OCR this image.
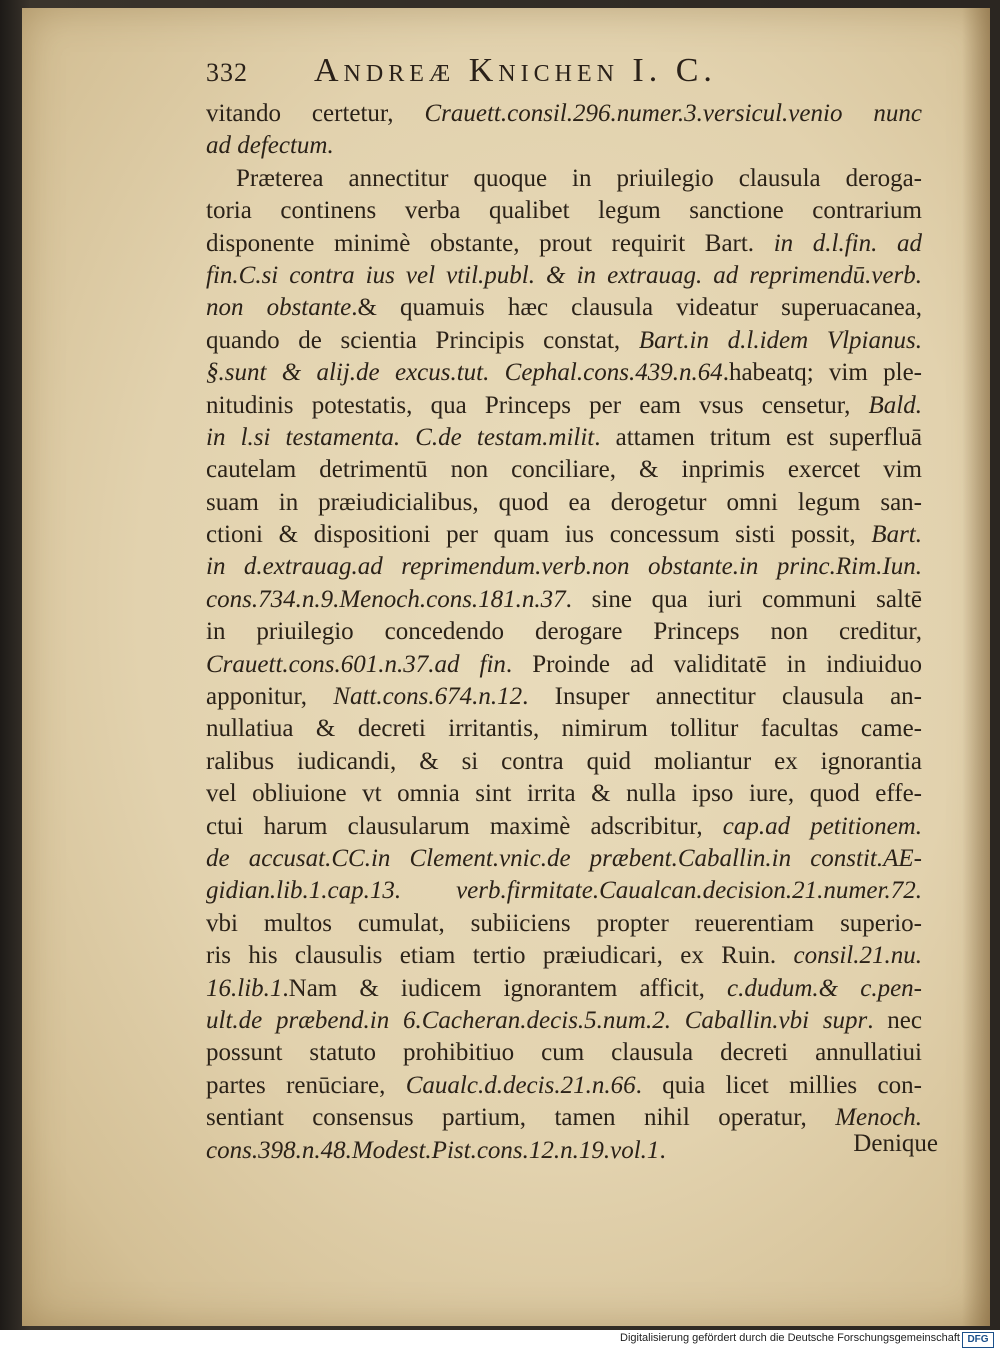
332 Andreæ Knichen I. C.
vitando certetur, Crauett.consil.296.numer.3.versicul.venio nunc
ad defectum.
Præterea annectitur quoque in priuilegio clausula deroga-
toria continens verba qualibet legum sanctione contrarium
disponente minimè obstante, prout requirit Bart. in d.l.fin. ad
fin.C.si contra ius vel vtil.publ. & in extrauag. ad reprimendū.verb.
non obstante.& quamuis hæc clausula videatur superuacanea,
quando de scientia Principis constat, Bart.in d.l.idem Vlpianus.
§.sunt & alij.de excus.tut. Cephal.cons.439.n.64.habeatq; vim ple-
nitudinis potestatis, qua Princeps per eam vsus censetur, Bald.
in l.si testamenta. C.de testam.milit. attamen tritum est superfluā
cautelam detrimentū non conciliare, & inprimis exercet vim
suam in præiudicialibus, quod ea derogetur omni legum san-
ctioni & dispositioni per quam ius concessum sisti possit, Bart.
in d.extrauag.ad reprimendum.verb.non obstante.in princ.Rim.Iun.
cons.734.n.9.Menoch.cons.181.n.37. sine qua iuri communi saltē
in priuilegio concedendo derogare Princeps non creditur,
Crauett.cons.601.n.37.ad fin. Proinde ad validitatē in indiuiduo
apponitur, Natt.cons.674.n.12. Insuper annectitur clausula an-
nullatiua & decreti irritantis, nimirum tollitur facultas came-
ralibus iudicandi, & si contra quid moliantur ex ignorantia
vel obliuione vt omnia sint irrita & nulla ipso iure, quod effe-
ctui harum clausularum maximè adscribitur, cap.ad petitionem.
de accusat.CC.in Clement.vnic.de præbent.Caballin.in constit.AE-
gidian.lib.1.cap.13. verb.firmitate.Caualcan.decision.21.numer.72.
vbi multos cumulat, subiiciens propter reuerentiam superio-
ris his clausulis etiam tertio præiudicari, ex Ruin. consil.21.nu.
16.lib.1.Nam & iudicem ignorantem afficit, c.dudum.& c.pen-
ult.de præbend.in 6.Cacheran.decis.5.num.2. Caballin.vbi supr. nec
possunt statuto prohibitiuo cum clausula decreti annullatiui
partes renūciare, Caualc.d.decis.21.n.66. quia licet millies con-
sentiant consensus partium, tamen nihil operatur, Menoch.
cons.398.n.48.Modest.Pist.cons.12.n.19.vol.1.	Denique
Digitalisierung gefördert durch die Deutsche Forschungsgemeinschaft DFG
